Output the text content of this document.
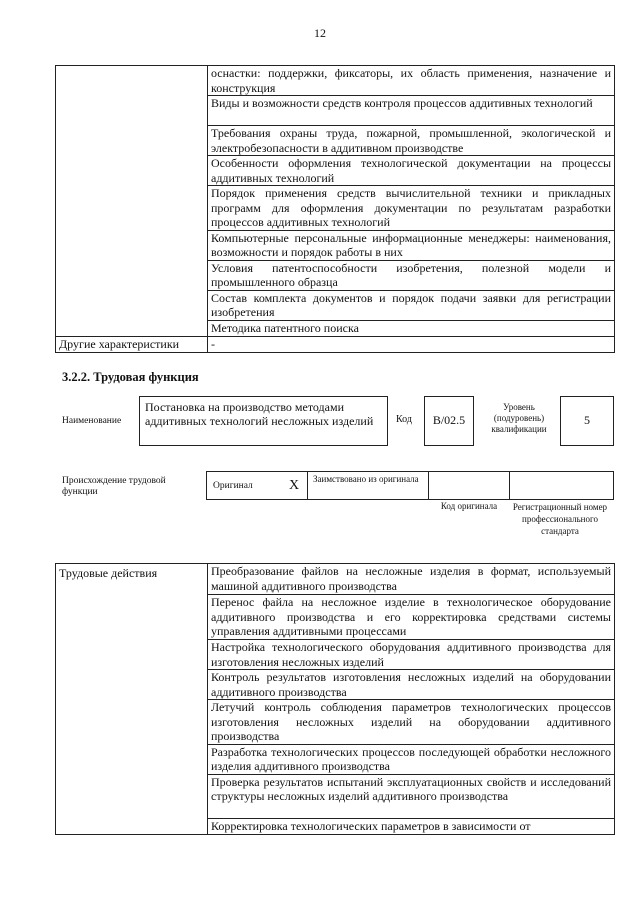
12
	оснастки: поддержки, фиксаторы, их область применения, назначение и конструкция
	Виды и возможности средств контроля процессов аддитивных технологий
	Требования охраны труда, пожарной, промышленной, экологической и электробезопасности в аддитивном производстве
	Особенности оформления технологической документации на процессы аддитивных технологий
	Порядок применения средств вычислительной техники и прикладных программ для оформления документации по результатам разработки процессов аддитивных технологий
	Компьютерные персональные информационные менеджеры: наименования, возможности и порядок работы в них
	Условия патентоспособности изобретения, полезной модели и промышленного образца
	Состав комплекта документов и порядок подачи заявки для регистрации изобретения
	Методика патентного поиска
Другие характеристики	-
3.2.2. Трудовая функция
Наименование
Постановка на производство методами аддитивных технологий несложных изделий	Код	B/02.5
Уровень (подуровень) квалификации
5
Происхождение трудовой функции
Оригинал	X Заимствовано из оригинала
Код оригинала	Регистрационный номер профессионального стандарта
Трудовые действия	Преобразование файлов на несложные изделия в формат, используемый машиной аддитивного производства
Перенос файла на несложное изделие в технологическое оборудование аддитивного производства и его корректировка средствами системы управления аддитивными процессами
Настройка технологического оборудования аддитивного производства для изготовления несложных изделий
Контроль результатов изготовления несложных изделий на оборудовании аддитивного производства
Летучий контроль соблюдения параметров технологических процессов изготовления несложных изделий на оборудовании аддитивного производства
Разработка технологических процессов последующей обработки несложного изделия аддитивного производства
Проверка результатов испытаний эксплуатационных свойств и исследований структуры несложных изделий аддитивного производства
Корректировка технологических параметров в зависимости от
